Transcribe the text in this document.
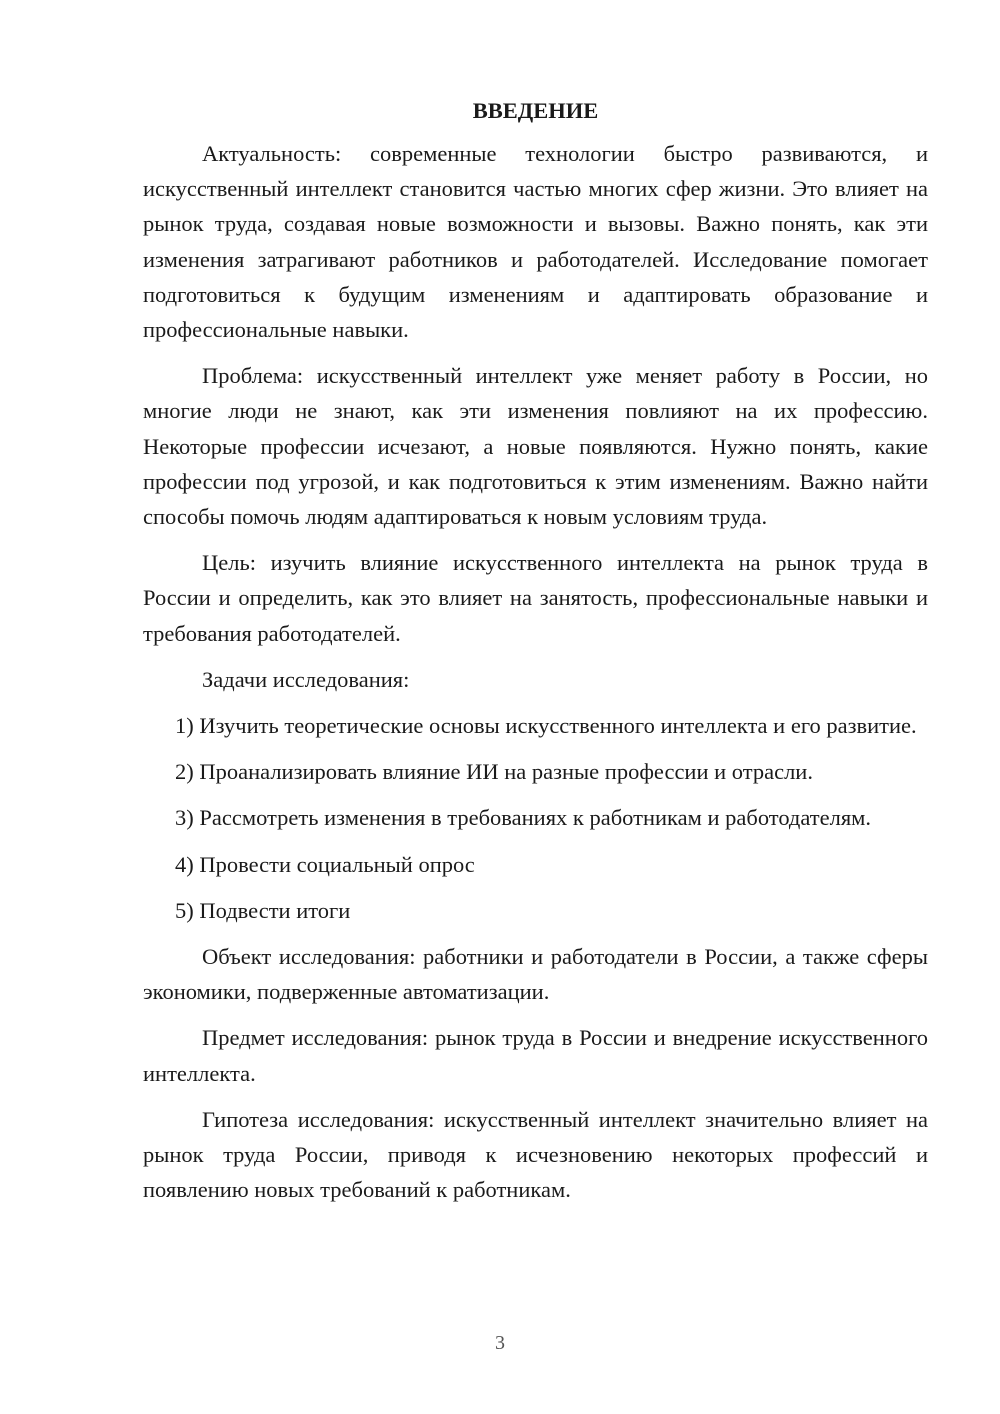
ВВЕДЕНИЕ

Актуальность: современные технологии быстро развиваются, и искусственный интеллект становится частью многих сфер жизни. Это влияет на рынок труда, создавая новые возможности и вызовы. Важно понять, как эти изменения затрагивают работников и работодателей. Исследование помогает подготовиться к будущим изменениям и адаптировать образование и профессиональные навыки.

Проблема: искусственный интеллект уже меняет работу в России, но многие люди не знают, как эти изменения повлияют на их профессию. Некоторые профессии исчезают, а новые появляются. Нужно понять, какие профессии под угрозой, и как подготовиться к этим изменениям. Важно найти способы помочь людям адаптироваться к новым условиям труда.

Цель: изучить влияние искусственного интеллекта на рынок труда в России и определить, как это влияет на занятость, профессиональные навыки и требования работодателей.

Задачи исследования:

1) Изучить теоретические основы искусственного интеллекта и его развитие.

2) Проанализировать влияние ИИ на разные профессии и отрасли.

3) Рассмотреть изменения в требованиях к работникам и работодателям.

4) Провести социальный опрос

5) Подвести итоги

Объект исследования: работники и работодатели в России, а также сферы экономики, подверженные автоматизации.

Предмет исследования: рынок труда в России и внедрение искусственного интеллекта.

Гипотеза исследования: искусственный интеллект значительно влияет на рынок труда России, приводя к исчезновению некоторых профессий и появлению новых требований к работникам.

3
